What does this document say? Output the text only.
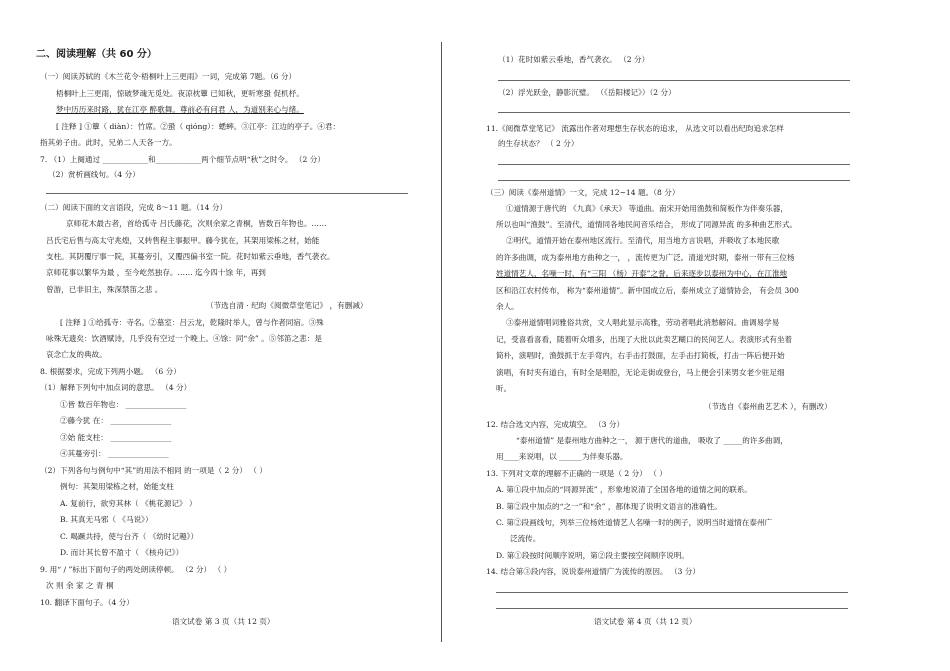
二、阅读理解（共 60 分）
（一）阅读苏轼的《木兰花令·梧桐叶上三更雨》一词，完成第 7题。（6 分）
梧桐叶上三更雨，惊破梦魂无觅处。夜凉枕簟 已知秋，更听寒蛩 促机杼。
梦中历历来时路，犹在江亭 醉歌舞。尊前必有问君 人，为道别来心与绪。
[ 注释 ] ①簟（ diàn）：竹席。②蛩（ qióng）：蟋蟀。③江亭：江边的亭子。④君：
指其弟子由。此时，兄弟二人天各一方。
7. （1）上阕通过 ____________和____________两个细节点明“秋”之时令。 （2 分）
（2）赏析画线句。（4 分）
（二）阅读下面的文言语段，完成 8～11 题。（14 分）
京师花木最古者，首给孤寺 吕氏藤花，次则余家之青桐，皆数百年物也。……
吕氏宅后售与高太守兆煌，又转售程主事振甲。藤今犹在，其架用梁栋之材，始能
支柱。其阴覆厅事一院，其蔓旁引，又覆西偏书室一院。花时如紫云垂地，香气袭衣。
京师花事以繁华为最 ，至今屹然独存。…… 迄今四十馀 年，再到
曾游，已非旧主，殊深禁笛之悲 。
（节选自清 · 纪昀《阅微草堂笔记》 ，有删减）
[ 注释 ] ①给孤寺：寺名。②墓室：吕云龙，乾隆时举人，曾与作者同宿。③殊
咏殊无遗矣：饮酒赋诗，几乎没有空过一个晚上。④馀：同“余” 。⑤邻笛之悲：是
哀念亡友的典故。
8. 根据要求，完成下列两小题。 （6 分）
（1）解释下列句中加点词的意思。 （4 分）
①皆 数百年物也： ________________
②藤今犹 在： ________________
③始 能支柱： ________________
④其蔓旁引： ________________
（2）下列各句与例句中“其”的用法不相同 的一项是（ 2 分） （ ）
例句：其架用梁栋之材，始能支柱
A. 复前行，欲穷其林（ 《桃花源记》 ）
B. 其真无马邪（ 《马说》）
C. 喝蹶共持，使与台齐（ 《幼时记趣》）
D. 而计其长曾不盈寸（ 《核舟记》）
9. 用“ / ”标出下面句子的两处朗读停顿。 （2 分） （ ）
次 则 余 家 之 青 桐
10. 翻译下面句子。（4 分）
语文试卷 第 3 页（共 12 页）
（1）花时如紫云垂地，香气袭衣。 （2 分）
（2）浮光跃金，静影沉璧。 （《岳阳楼记》）（2 分）
11.《阅微草堂笔记》 流露出作者对理想生存状态的追求， 从选文可以看出纪昀追求怎样
的生存状态？ （ 2 分）
（三）阅读《泰州道情》一文，完成 12~14 题。（8 分）
①道情源于唐代的 《九真》《承天》 等道曲。南宋开始用渔鼓和简板作为伴奏乐器，
所以也叫“渔鼓”。至清代，道情同各地民间音乐结合， 形成了同源异流 的多种曲艺形式。
②明代，道情开始在泰州地区流行。至清代，用当地方言说唱，并吸收了本地民歌
的许多曲调，成为泰州地方曲种之一， ，流传更为广泛。清道光时期，泰州一带有三位杨
姓道情艺人，名噪一时，有“三阳 （杨）开泰”之誉。后来逐步以泰州为中心，在江淮地
区和沿江农村传布， 称为“泰州道情”。新中国成立后，泰州成立了道情协会， 有会员 300
余人。
③泰州道情唱词雅俗共赏，文人唱此显示高雅，劳动者唱此消愁解闷。曲调易学易
记，受喜看喜看，随着听众增多，出现了大批以此卖艺糊口的民间艺人。表演形式有坐着
简朴，演唱时，渔鼓抓于左手弯内，右手击打鼓面，左手击打简板，打击一阵后便开始
演唱，有时夹有道白，有时全是唱腔，无论走街或登台，马上便会引来男女老少驻足细
听。
（节选自《泰州曲艺艺术 ），有删改）
12. 结合选文内容，完成填空。 （3 分）
“泰州道情” 是泰州地方曲种之一， 源于唐代的道曲， 吸收了 _____的许多曲调，
用____来说唱，以 ______为伴奏乐器。
13. 下列对文章的理解不正确的一项是（ 2 分） （ ）
A. 第①段中加点的“同源异流” ，形象地说清了全国各地的道情之间的联系。
B. 第②段中加点的“之一”和“余” ，都体现了说明文语言的准确性。
C. 第②段画线句，列举三位杨姓道情艺人名噪一时的例子，说明当时道情在泰州广
泛流传。
D. 第①段按时间顺序说明，第②段主要按空间顺序说明。
14. 结合第③段内容，说说泰州道情广为流传的原因。 （3 分）
语文试卷 第 4 页（共 12 页）
